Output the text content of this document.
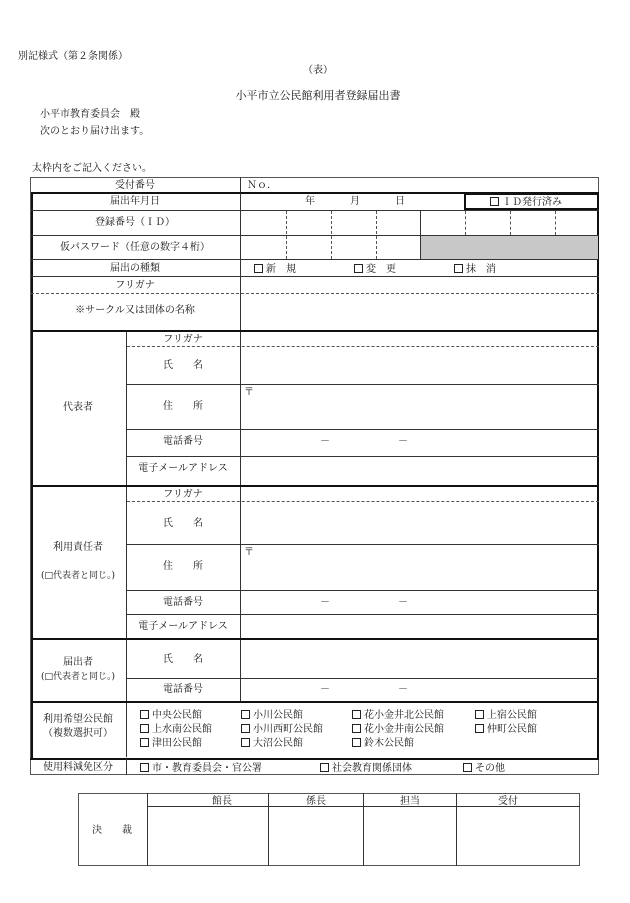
別記様式（第２条関係）
（表）
小平市立公民館利用者登録届出書
小平市教育委員会　殿
次のとおり届け出ます。
太枠内をご記入ください。
受付番号	Ｎｏ．
届出年月日	年	月	日	ＩＤ発行済み
登録番号（ＩＤ）
仮パスワード（任意の数字４桁）
届出の種類	新　規	変　更	抹　消
フリガナ
※サークル又は団体の名称
代表者
フリガナ
氏　　名
住　　所
〒
電話番号	－	－
電子メールアドレス
利用責任者
(□代表者と同じ。)
フリガナ
氏　　名
住　　所
〒
電話番号	－	－
電子メールアドレス
届出者
(□代表者と同じ。)
氏　　名
電話番号	－	－
利用希望公民館
（複数選択可）
中央公民館	小川公民館	花小金井北公民館	上宿公民館
上水南公民館	小川西町公民館	花小金井南公民館	仲町公民館
津田公民館	大沼公民館	鈴木公民館
使用料減免区分	市・教育委員会・官公署	社会教育関係団体	その他
決　　裁
館長	係長	担当	受付
